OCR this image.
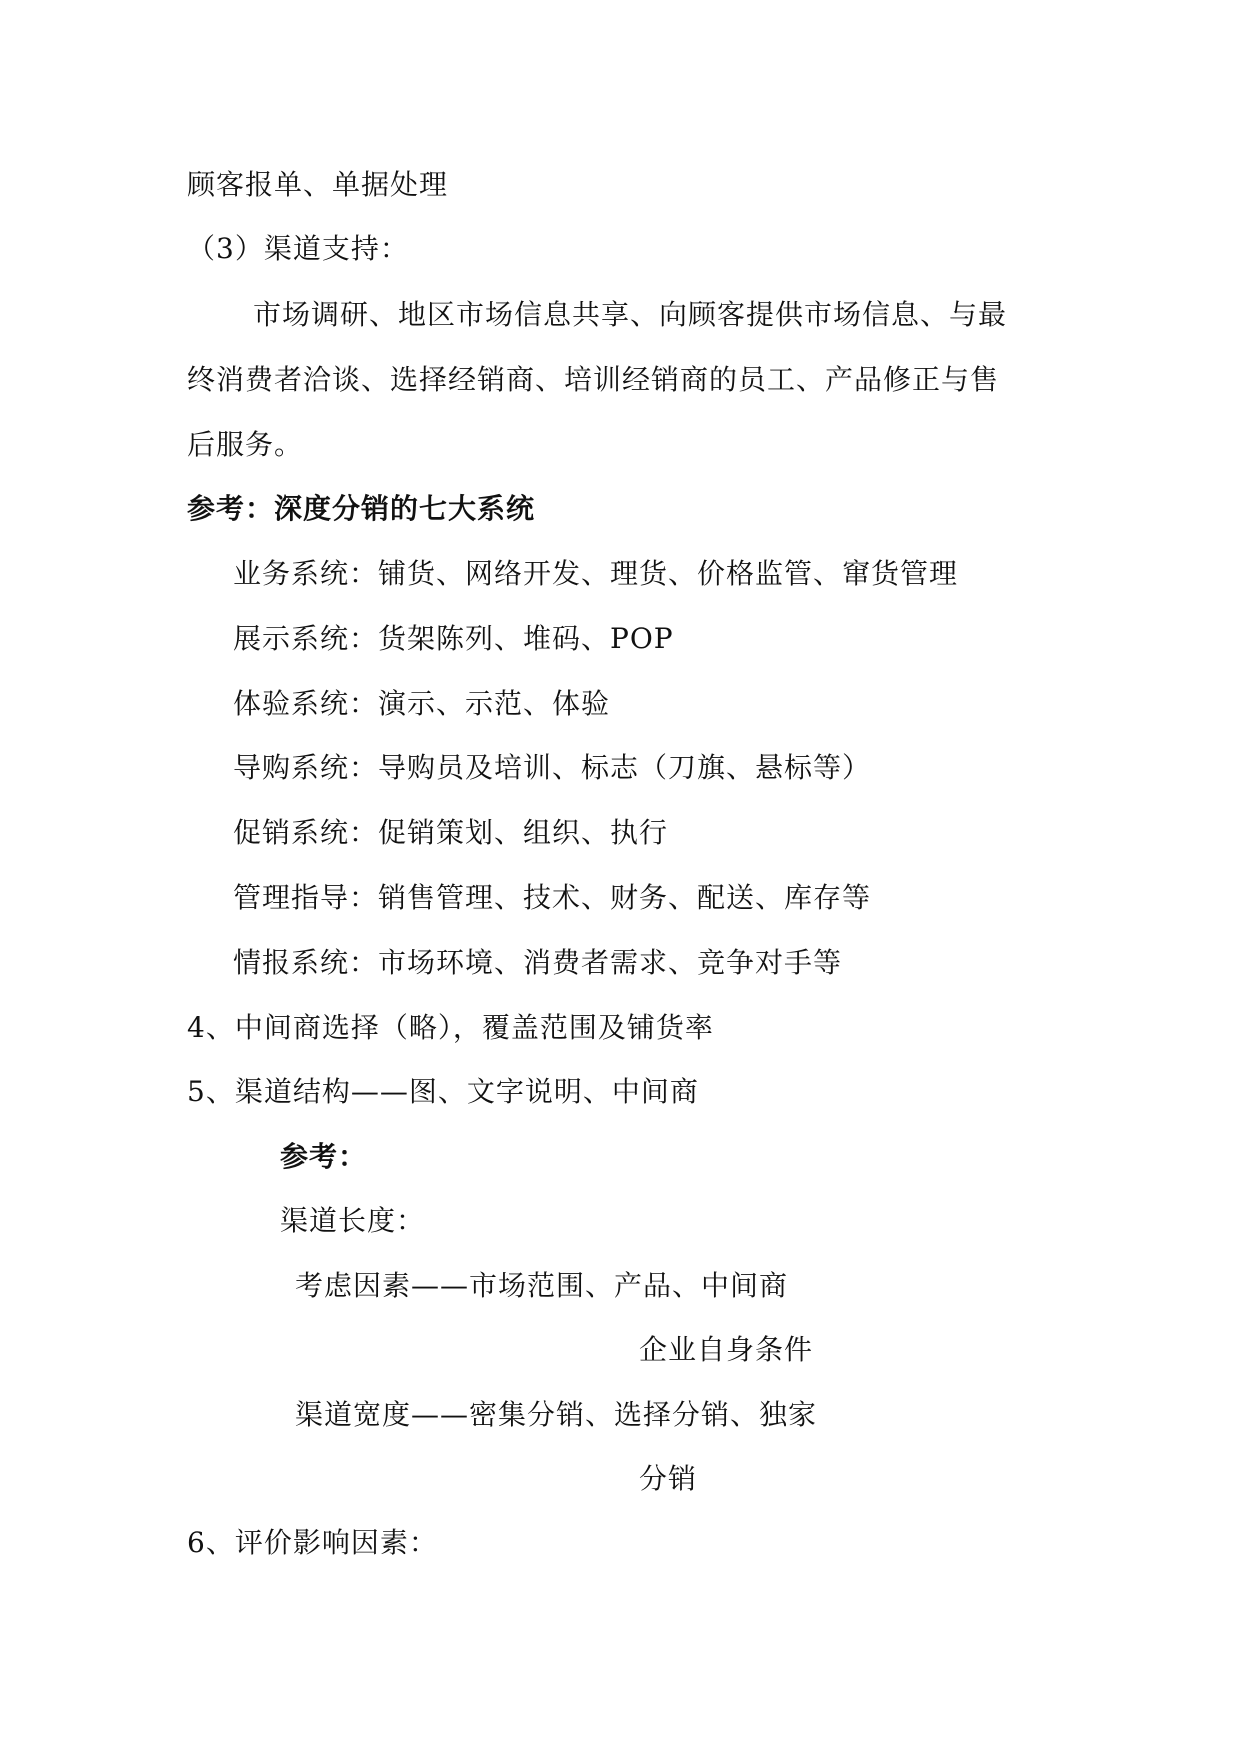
顾客报单、单据处理
（3）渠道支持：
市场调研、地区市场信息共享、向顾客提供市场信息、与最
终消费者洽谈、选择经销商、培训经销商的员工、产品修正与售
后服务。
参考：深度分销的七大系统
业务系统：铺货、网络开发、理货、价格监管、窜货管理
展示系统：货架陈列、堆码、POP
体验系统：演示、示范、体验
导购系统：导购员及培训、标志（刀旗、悬标等）
促销系统：促销策划、组织、执行
管理指导：销售管理、技术、财务、配送、库存等
情报系统：市场环境、消费者需求、竞争对手等
4、中间商选择（略），覆盖范围及铺货率
5、渠道结构——图、文字说明、中间商
参考：
渠道长度：
考虑因素——市场范围、产品、中间商
企业自身条件
渠道宽度——密集分销、选择分销、独家
分销
6、评价影响因素：
